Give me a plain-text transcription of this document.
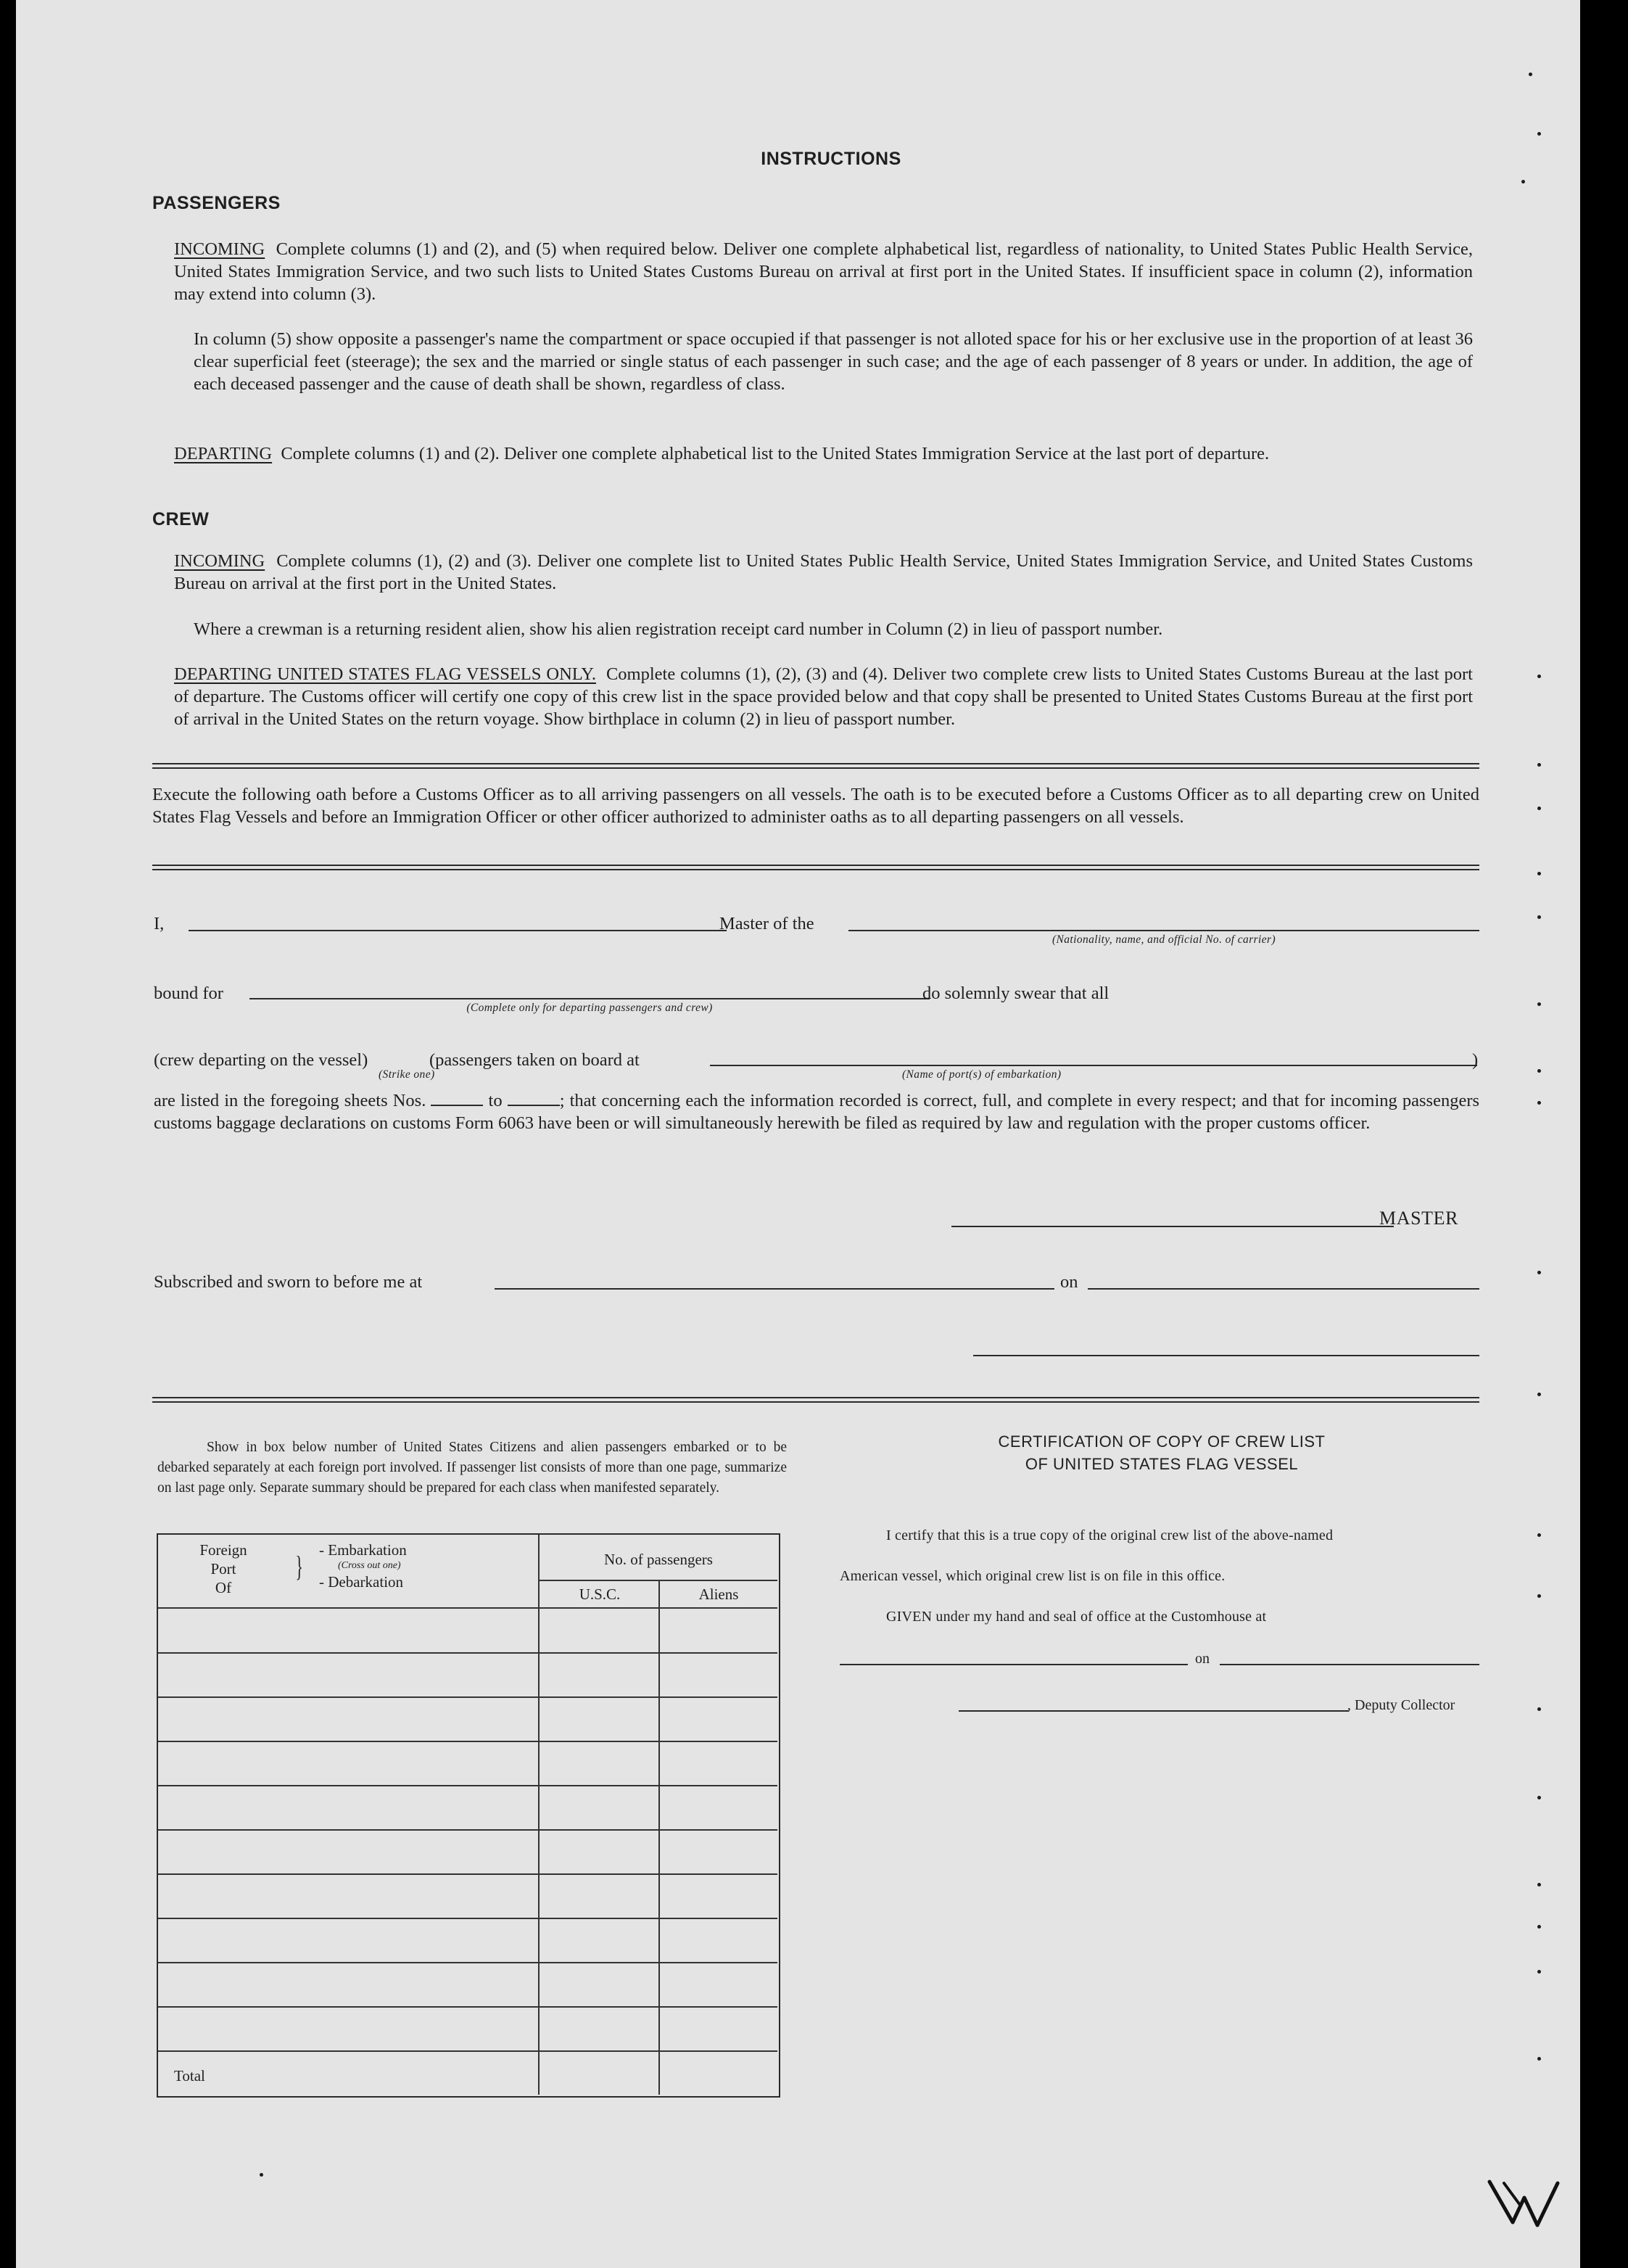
INSTRUCTIONS
PASSENGERS
INCOMING Complete columns (1) and (2), and (5) when required below. Deliver one complete alphabetical list, regardless of nationality, to United States Public Health Service, United States Immigration Service, and two such lists to United States Customs Bureau on arrival at first port in the United States. If insufficient space in column (2), information may extend into column (3).
In column (5) show opposite a passenger's name the compartment or space occupied if that passenger is not alloted space for his or her exclusive use in the proportion of at least 36 clear superficial feet (steerage); the sex and the married or single status of each passenger in such case; and the age of each passenger of 8 years or under. In addition, the age of each deceased passenger and the cause of death shall be shown, regardless of class.
DEPARTING Complete columns (1) and (2). Deliver one complete alphabetical list to the United States Immigration Service at the last port of departure.
CREW
INCOMING Complete columns (1), (2) and (3). Deliver one complete list to United States Public Health Service, United States Immigration Service, and United States Customs Bureau on arrival at the first port in the United States.
Where a crewman is a returning resident alien, show his alien registration receipt card number in Column (2) in lieu of passport number.
DEPARTING UNITED STATES FLAG VESSELS ONLY. Complete columns (1), (2), (3) and (4). Deliver two complete crew lists to United States Customs Bureau at the last port of departure. The Customs officer will certify one copy of this crew list in the space provided below and that copy shall be presented to United States Customs Bureau at the first port of arrival in the United States on the return voyage. Show birthplace in column (2) in lieu of passport number.
Execute the following oath before a Customs Officer as to all arriving passengers on all vessels. The oath is to be executed before a Customs Officer as to all departing crew on United States Flag Vessels and before an Immigration Officer or other officer authorized to administer oaths as to all departing passengers on all vessels.
I,	Master of the
(Nationality, name, and official No. of carrier)
bound for
(Complete only for departing passengers and crew)
do solemnly swear that all
(crew departing on the vessel)
(Strike one)
(passengers taken on board at
(Name of port(s) of embarkation)
)
are listed in the foregoing sheets Nos.	to	; that concerning each the information recorded is correct, full, and complete in every respect; and that for incoming passengers customs baggage declarations on customs Form 6063 have been or will simultaneously herewith be filed as required by law and regulation with the proper customs officer.
MASTER
Subscribed and sworn to before me at	on
Show in box below number of United States Citizens and alien passengers embarked or to be debarked separately at each foreign port involved. If passenger list consists of more than one page, summarize on last page only. Separate summary should be prepared for each class when manifested separately.
Foreign
Port
Of
} - Embarkation
(Cross out one)
- Debarkation
No. of passengers
U.S.C.	Aliens
Total
CERTIFICATION OF COPY OF CREW LIST
OF UNITED STATES FLAG VESSEL
I certify that this is a true copy of the original crew list of the above-named
American vessel, which original crew list is on file in this office.
GIVEN under my hand and seal of office at the Customhouse at
on
, Deputy Collector
